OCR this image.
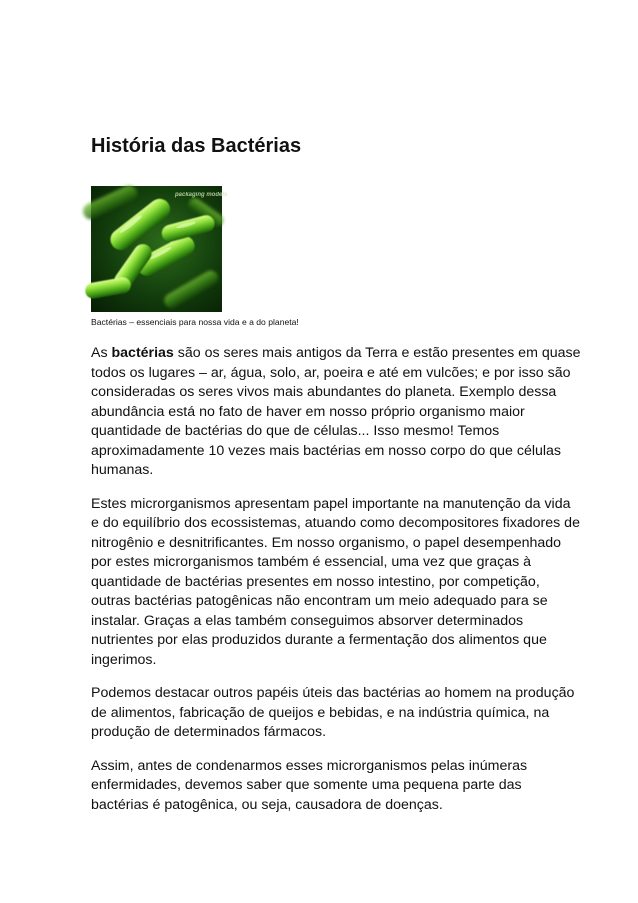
História das Bactérias
packaging models
Bactérias – essenciais para nossa vida e a do planeta!

As bactérias são os seres mais antigos da Terra e estão presentes em quase todos os lugares – ar, água, solo, ar, poeira e até em vulcões; e por isso são consideradas os seres vivos mais abundantes do planeta. Exemplo dessa abundância está no fato de haver em nosso próprio organismo maior quantidade de bactérias do que de células... Isso mesmo! Temos aproximadamente 10 vezes mais bactérias em nosso corpo do que células humanas.

Estes microrganismos apresentam papel importante na manutenção da vida e do equilíbrio dos ecossistemas, atuando como decompositores fixadores de nitrogênio e desnitrificantes. Em nosso organismo, o papel desempenhado por estes microrganismos também é essencial, uma vez que graças à quantidade de bactérias presentes em nosso intestino, por competição, outras bactérias patogênicas não encontram um meio adequado para se instalar. Graças a elas também conseguimos absorver determinados nutrientes por elas produzidos durante a fermentação dos alimentos que ingerimos.

Podemos destacar outros papéis úteis das bactérias ao homem na produção de alimentos, fabricação de queijos e bebidas, e na indústria química, na produção de determinados fármacos.

Assim, antes de condenarmos esses microrganismos pelas inúmeras enfermidades, devemos saber que somente uma pequena parte das bactérias é patogênica, ou seja, causadora de doenças.
